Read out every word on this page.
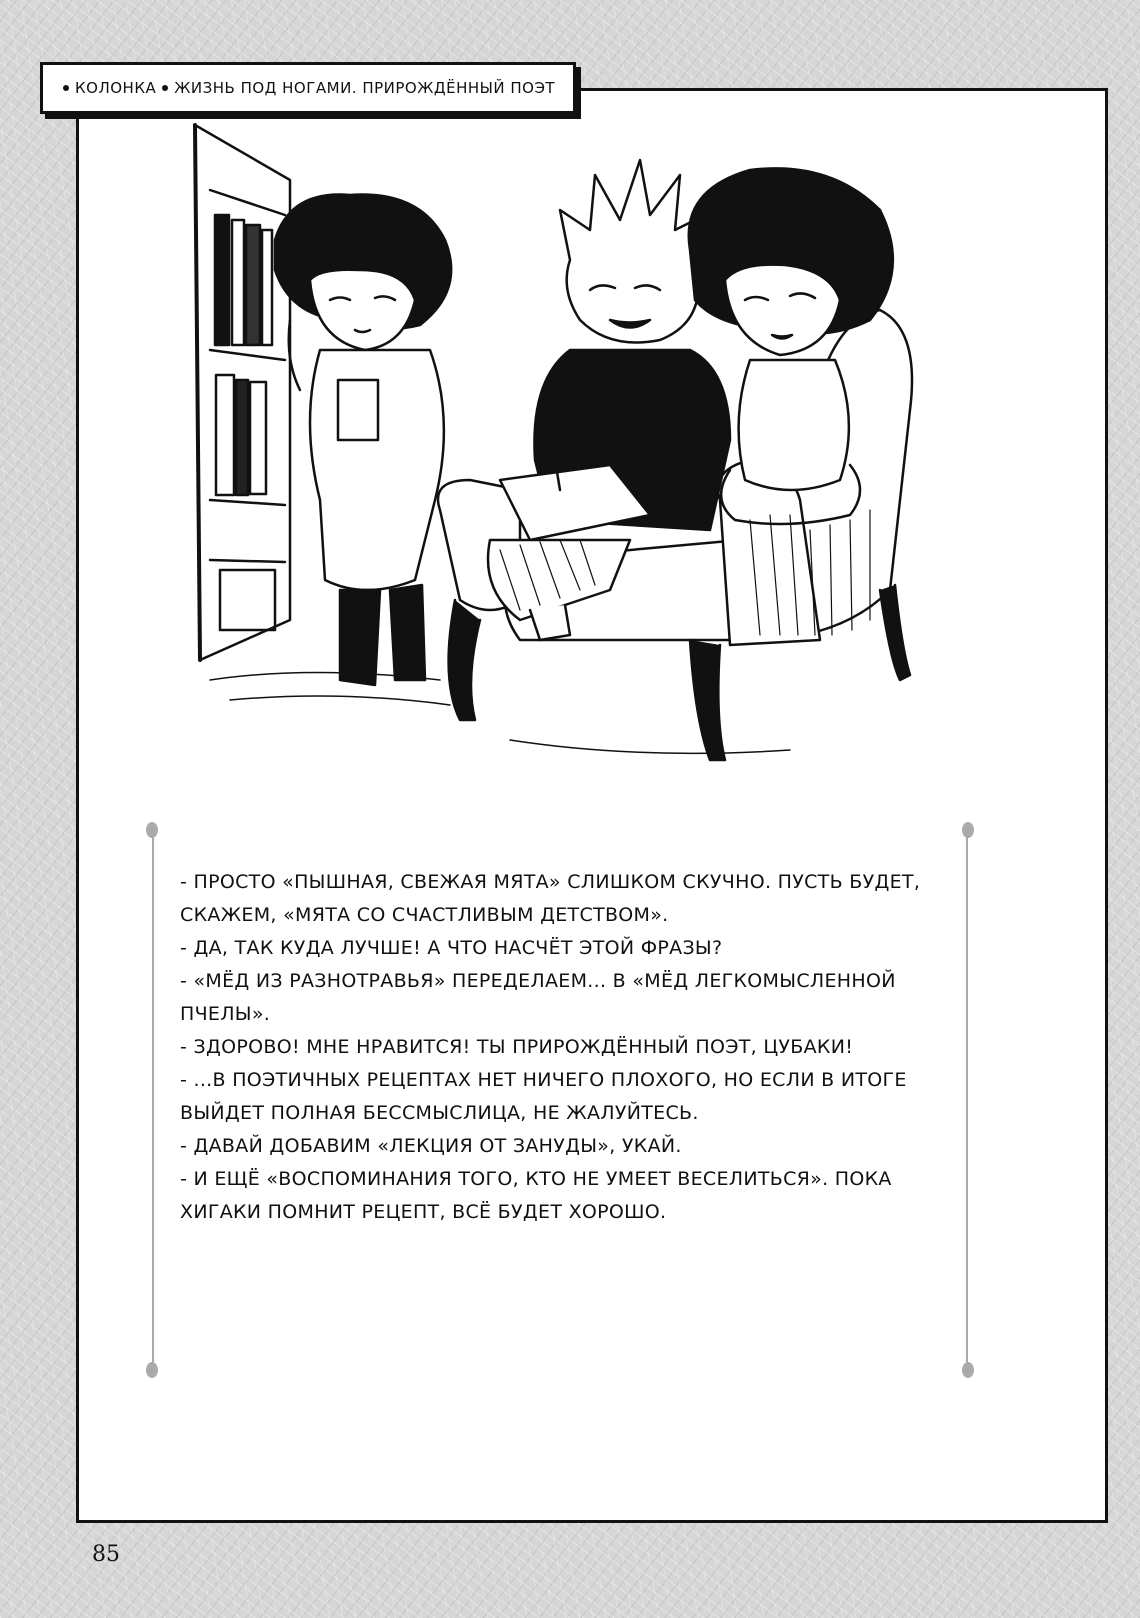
КОЛОНКА ЖИЗНЬ ПОД НОГАМИ. ПРИРОЖДЁННЫЙ ПОЭТ

- ПРОСТО «ПЫШНАЯ, СВЕЖАЯ МЯТА» СЛИШКОМ СКУЧНО. ПУСТЬ БУДЕТ,

СКАЖЕМ, «МЯТА СО СЧАСТЛИВЫМ ДЕТСТВОМ».

- ДА, ТАК КУДА ЛУЧШЕ! А ЧТО НАСЧЁТ ЭТОЙ ФРАЗЫ?

- «МЁД ИЗ РАЗНОТРАВЬЯ» ПЕРЕДЕЛАЕМ... В «МЁД ЛЕГКОМЫСЛЕННОЙ

ПЧЕЛЫ».

- ЗДОРОВО! МНЕ НРАВИТСЯ! ТЫ ПРИРОЖДЁННЫЙ ПОЭТ, ЦУБАКИ!

- ...В ПОЭТИЧНЫХ РЕЦЕПТАХ НЕТ НИЧЕГО ПЛОХОГО, НО ЕСЛИ В ИТОГЕ

ВЫЙДЕТ ПОЛНАЯ БЕССМЫСЛИЦА, НЕ ЖАЛУЙТЕСЬ.

- ДАВАЙ ДОБАВИМ «ЛЕКЦИЯ ОТ ЗАНУДЫ», УКАЙ.

- И ЕЩЁ «ВОСПОМИНАНИЯ ТОГО, КТО НЕ УМЕЕТ ВЕСЕЛИТЬСЯ». ПОКА

ХИГАКИ ПОМНИТ РЕЦЕПТ, ВСЁ БУДЕТ ХОРОШО.

85
